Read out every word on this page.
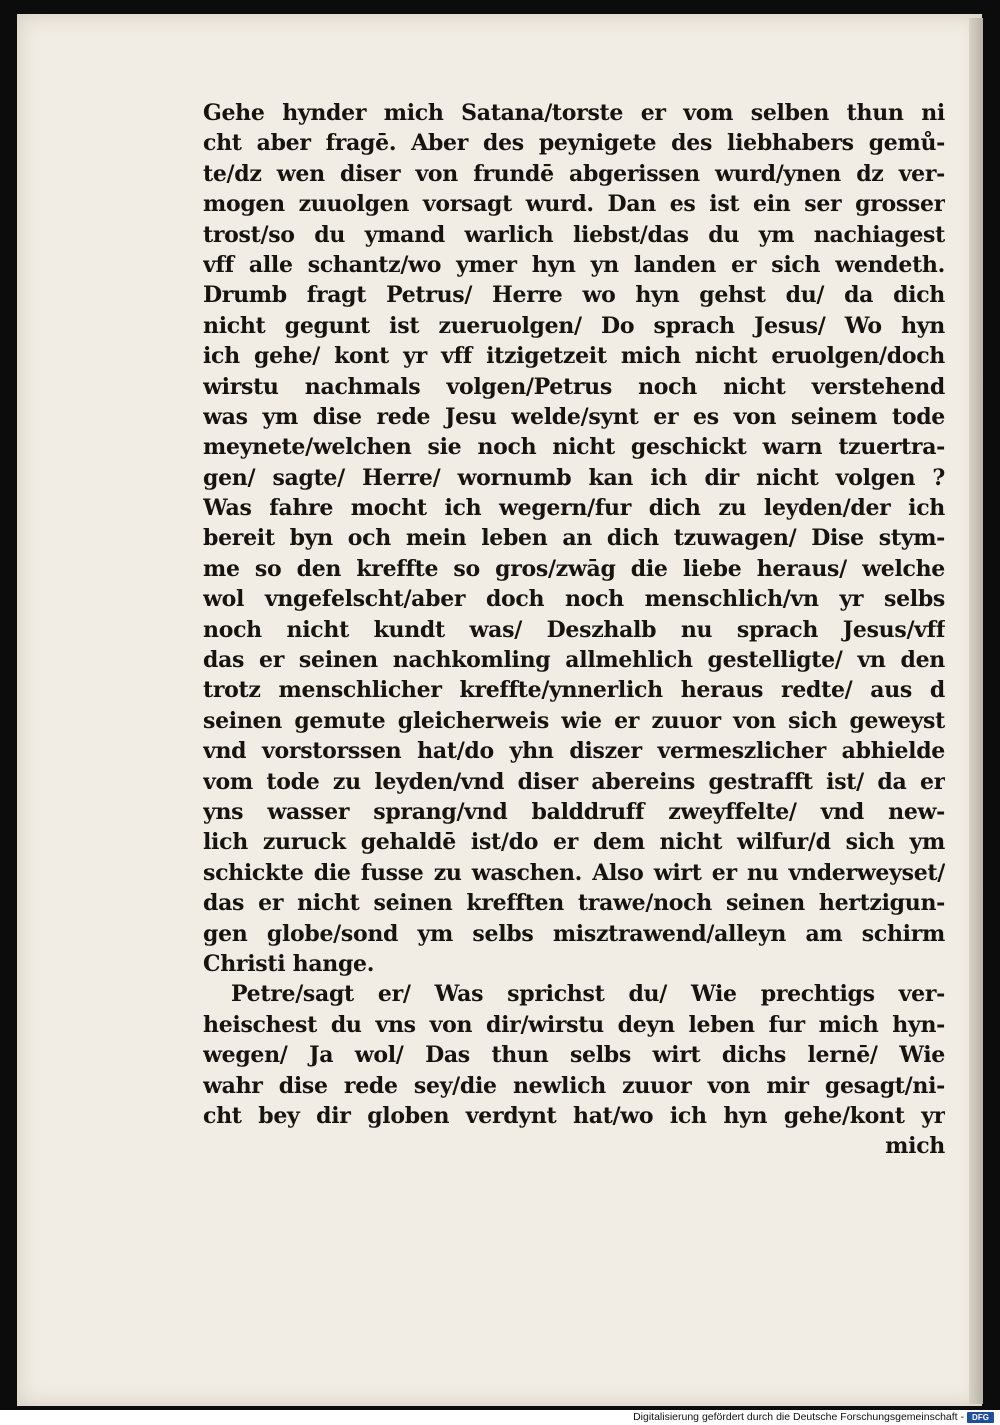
Gehe hynder mich Satana/torste er vom selben thun ni
cht aber fragē. Aber des peynigete des liebhabers gemů-
te/dz wen diser von frundē abgerissen wurd/ynen dz ver-
mogen zuuolgen vorsagt wurd. Dan es ist ein ser grosser
trost/so du ymand warlich liebst/das du ym nachiagest
vff alle schantz/wo ymer hyn yn landen er sich wendeth.
Drumb fragt Petrus/ Herre wo hyn gehst du/ da dich
nicht gegunt ist zueruolgen/ Do sprach Jesus/ Wo hyn
ich gehe/ kont yr vff itzigetzeit mich nicht eruolgen/doch
wirstu nachmals volgen/Petrus noch nicht verstehend
was ym dise rede Jesu welde/synt er es von seinem tode
meynete/welchen sie noch nicht geschickt warn tzuertra-
gen/ sagte/ Herre/ wornumb kan ich dir nicht volgen ?
Was fahre mocht ich wegern/fur dich zu leyden/der ich
bereit byn och mein leben an dich tzuwagen/ Dise stym-
me so den kreffte so gros/zwāg die liebe heraus/ welche
wol vngefelscht/aber doch noch menschlich/vn yr selbs
noch nicht kundt was/ Deszhalb nu sprach Jesus/vff
das er seinen nachkomling allmehlich gestelligte/ vn den
trotz menschlicher kreffte/ynnerlich heraus redte/ aus d
seinen gemute gleicherweis wie er zuuor von sich geweyst
vnd vorstorssen hat/do yhn diszer vermeszlicher abhielde
vom tode zu leyden/vnd diser abereins gestrafft ist/ da er
yns wasser sprang/vnd balddruff zweyffelte/ vnd new-
lich zuruck gehaldē ist/do er dem nicht wilfur/d sich ym
schickte die fusse zu waschen. Also wirt er nu vnderweyset/
das er nicht seinen krefften trawe/noch seinen hertzigun-
gen globe/sond ym selbs misztrawend/alleyn am schirm
Christi hange.
Petre/sagt er/ Was sprichst du/ Wie prechtigs ver-
heischest du vns von dir/wirstu deyn leben fur mich hyn-
wegen/ Ja wol/ Das thun selbs wirt dichs lernē/ Wie
wahr dise rede sey/die newlich zuuor von mir gesagt/ni-
cht bey dir globen verdynt hat/wo ich hyn gehe/kont yr
mich
Digitalisierung gefördert durch die Deutsche Forschungsgemeinschaft -	DFG
